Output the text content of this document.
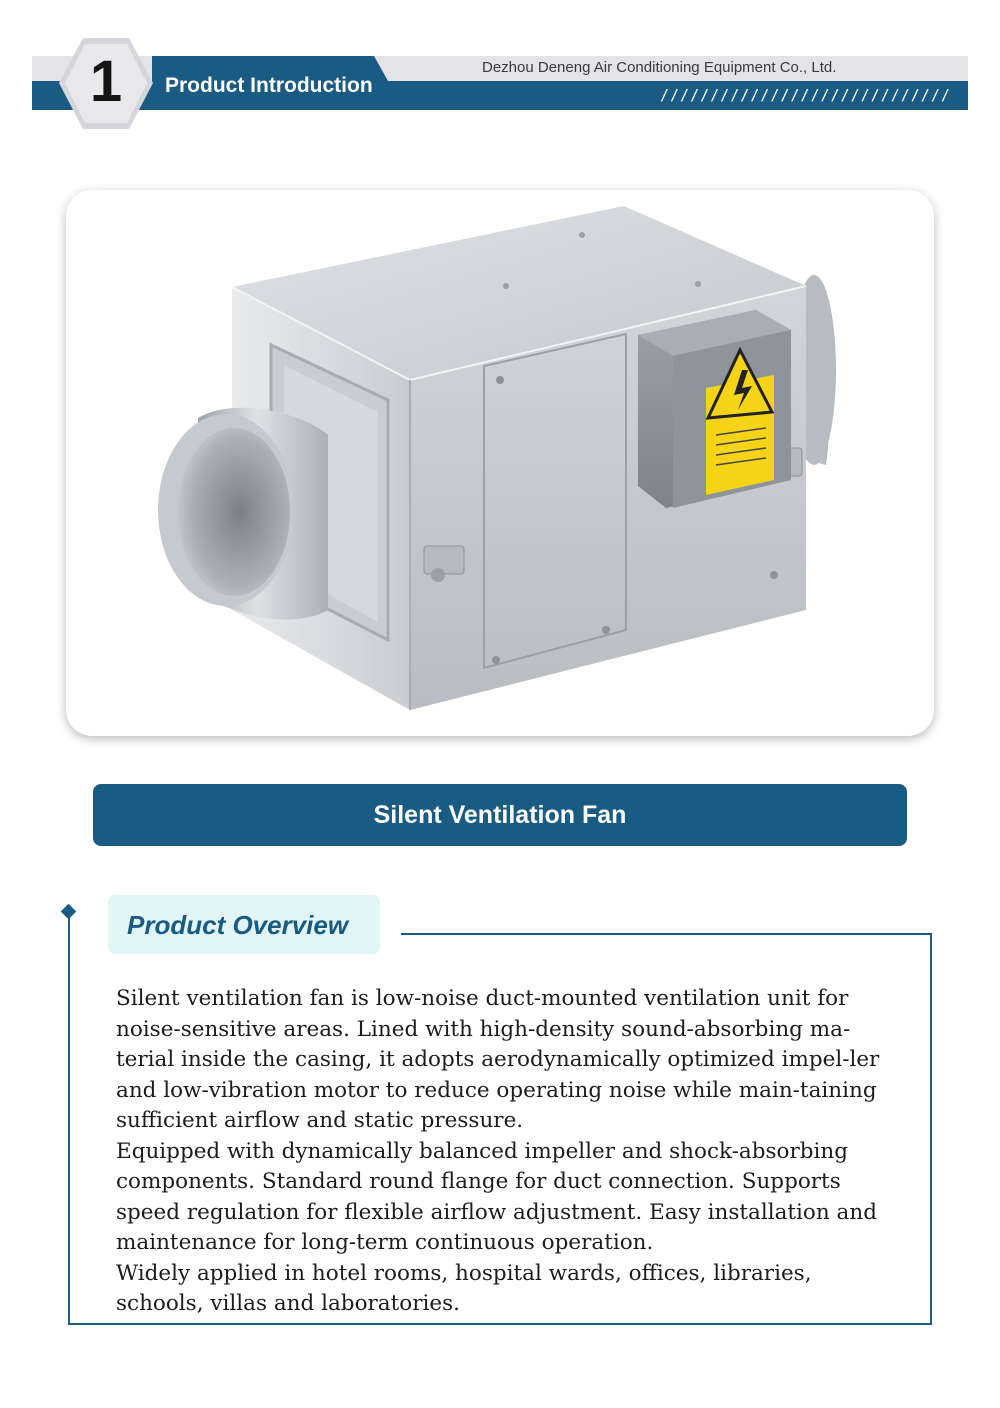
Product Introduction
Dezhou Deneng Air Conditioning Equipment Co., Ltd.
/////////////////////////////
1
Silent Ventilation Fan
Product Overview

Silent ventilation fan is low-noise duct-mounted ventilation unit for noise-sensitive areas. Lined with high-density sound-absorbing ma-terial inside the casing, it adopts aerodynamically optimized impel-ler and low-vibration motor to reduce operating noise while main-taining sufficient airflow and static pressure.

Equipped with dynamically balanced impeller and shock-absorbing components. Standard round flange for duct connection. Supports speed regulation for flexible airflow adjustment. Easy installation and maintenance for long-term continuous operation.

Widely applied in hotel rooms, hospital wards, offices, libraries, schools, villas and laboratories.
